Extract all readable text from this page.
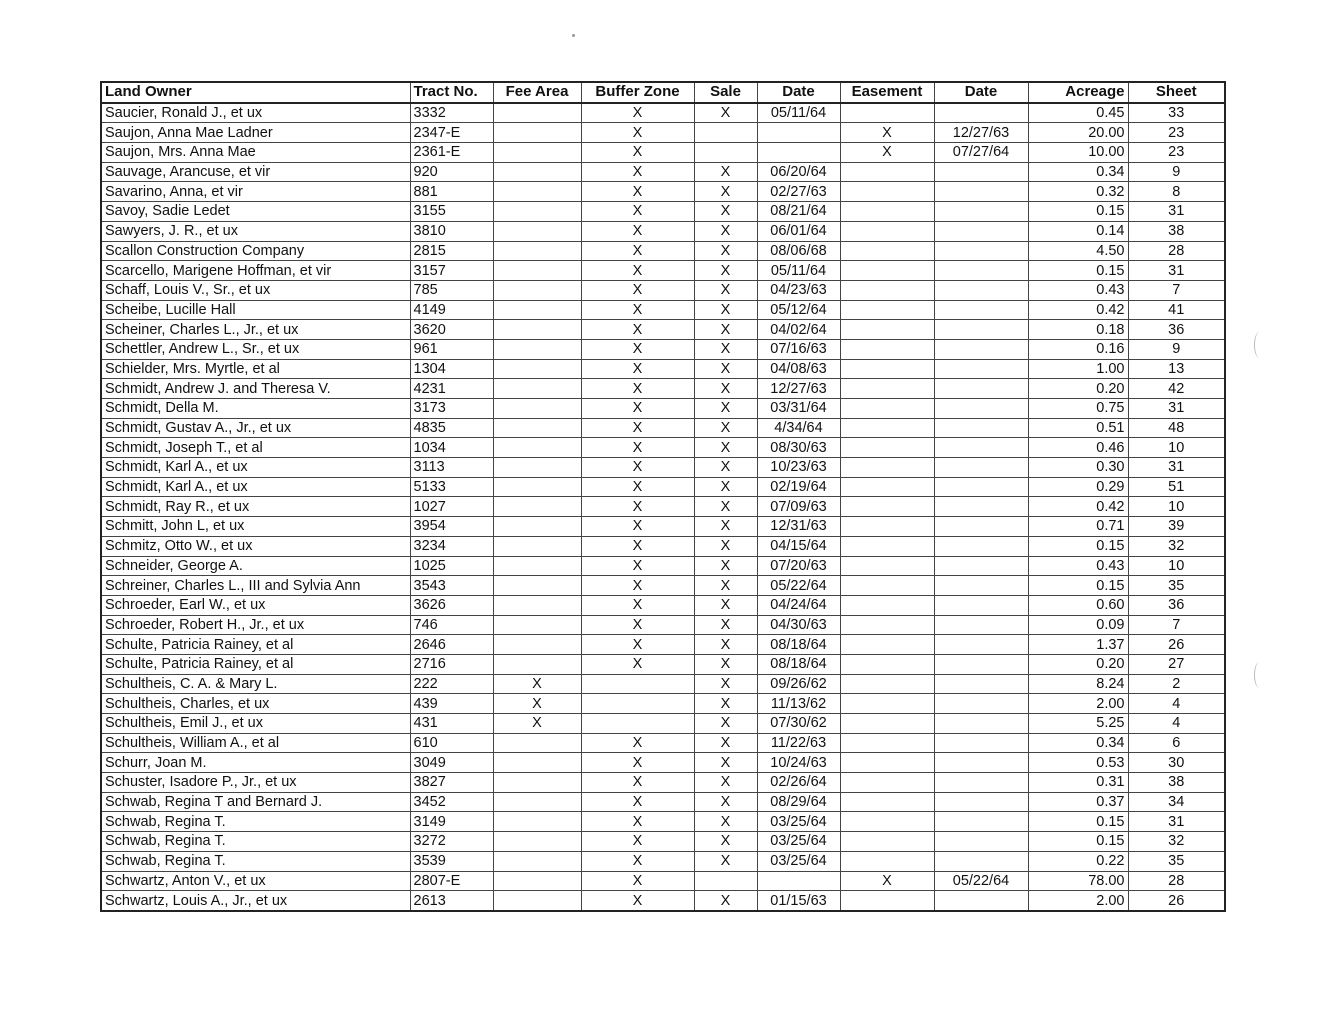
Land Owner	Tract No.	Fee Area	Buffer Zone	Sale	Date	Easement	Date	Acreage	Sheet
Saucier, Ronald J., et ux	3332		X	X	05/11/64			0.45	33
Saujon, Anna Mae Ladner	2347-E		X			X	12/27/63	20.00	23
Saujon, Mrs. Anna Mae	2361-E		X			X	07/27/64	10.00	23
Sauvage, Arancuse, et vir	920		X	X	06/20/64			0.34	9
Savarino, Anna, et vir	881		X	X	02/27/63			0.32	8
Savoy, Sadie Ledet	3155		X	X	08/21/64			0.15	31
Sawyers, J. R., et ux	3810		X	X	06/01/64			0.14	38
Scallon Construction Company	2815		X	X	08/06/68			4.50	28
Scarcello, Marigene Hoffman, et vir	3157		X	X	05/11/64			0.15	31
Schaff, Louis V., Sr., et ux	785		X	X	04/23/63			0.43	7
Scheibe, Lucille Hall	4149		X	X	05/12/64			0.42	41
Scheiner, Charles L., Jr., et ux	3620		X	X	04/02/64			0.18	36
Schettler, Andrew L., Sr., et ux	961		X	X	07/16/63			0.16	9
Schielder, Mrs. Myrtle, et al	1304		X	X	04/08/63			1.00	13
Schmidt, Andrew J. and Theresa V.	4231		X	X	12/27/63			0.20	42
Schmidt, Della M.	3173		X	X	03/31/64			0.75	31
Schmidt, Gustav A., Jr., et ux	4835		X	X	4/34/64			0.51	48
Schmidt, Joseph T., et al	1034		X	X	08/30/63			0.46	10
Schmidt, Karl A., et ux	3113		X	X	10/23/63			0.30	31
Schmidt, Karl A., et ux	5133		X	X	02/19/64			0.29	51
Schmidt, Ray R., et ux	1027		X	X	07/09/63			0.42	10
Schmitt, John L, et ux	3954		X	X	12/31/63			0.71	39
Schmitz, Otto W., et ux	3234		X	X	04/15/64			0.15	32
Schneider, George A.	1025		X	X	07/20/63			0.43	10
Schreiner, Charles L., III and Sylvia Ann	3543		X	X	05/22/64			0.15	35
Schroeder, Earl W., et ux	3626		X	X	04/24/64			0.60	36
Schroeder, Robert H., Jr., et ux	746		X	X	04/30/63			0.09	7
Schulte, Patricia Rainey, et al	2646		X	X	08/18/64			1.37	26
Schulte, Patricia Rainey, et al	2716		X	X	08/18/64			0.20	27
Schultheis, C. A. & Mary L.	222	X		X	09/26/62			8.24	2
Schultheis, Charles, et ux	439	X		X	11/13/62			2.00	4
Schultheis, Emil J., et ux	431	X		X	07/30/62			5.25	4
Schultheis, William A., et al	610		X	X	11/22/63			0.34	6
Schurr, Joan M.	3049		X	X	10/24/63			0.53	30
Schuster, Isadore P., Jr., et ux	3827		X	X	02/26/64			0.31	38
Schwab, Regina T and Bernard J.	3452		X	X	08/29/64			0.37	34
Schwab, Regina T.	3149		X	X	03/25/64			0.15	31
Schwab, Regina T.	3272		X	X	03/25/64			0.15	32
Schwab, Regina T.	3539		X	X	03/25/64			0.22	35
Schwartz, Anton V., et ux	2807-E		X			X	05/22/64	78.00	28
Schwartz, Louis A., Jr., et ux	2613		X	X	01/15/63			2.00	26
